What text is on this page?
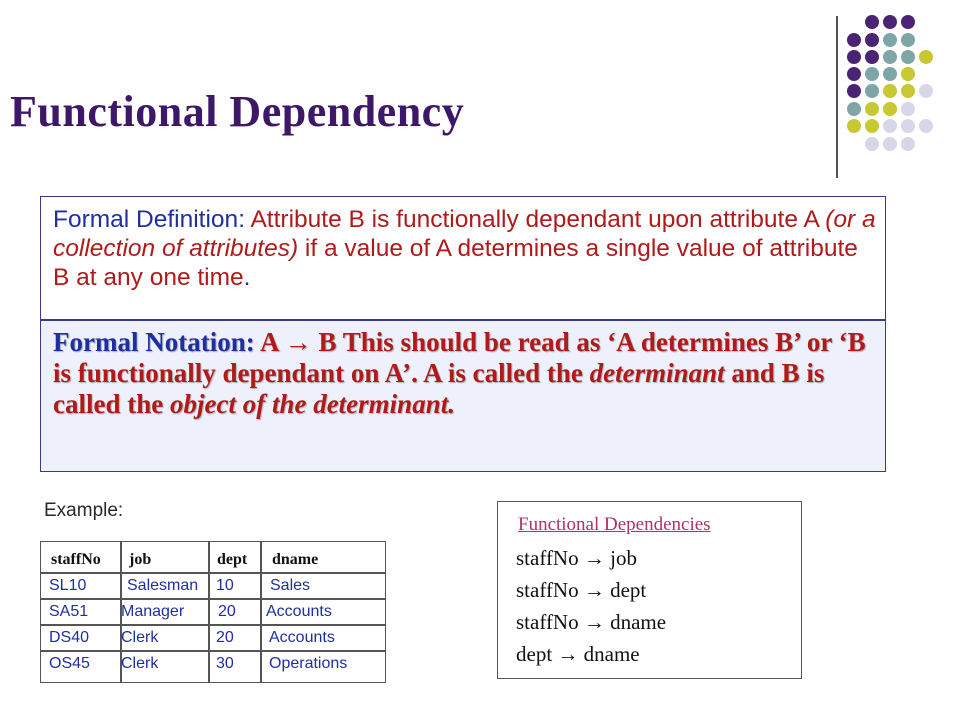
Functional Dependency
Formal Definition: Attribute B is functionally dependant upon attribute A (or a collection of attributes) if a value of A determines a single value of attribute B at any one time.
Formal Notation: A → B This should be read as ‘A determines B’ or ‘B is functionally dependant on A’. A is called the determinant and B is called the object of the determinant.
Example:
staffNo job	dept dname
SL10	Salesman 10 Sales
SA51 Manager 20 Accounts
DS40 Clerk	20 Accounts
OS45 Clerk	30 Operations
Functional Dependencies
staffNo → job
staffNo → dept
staffNo → dname
dept → dname
